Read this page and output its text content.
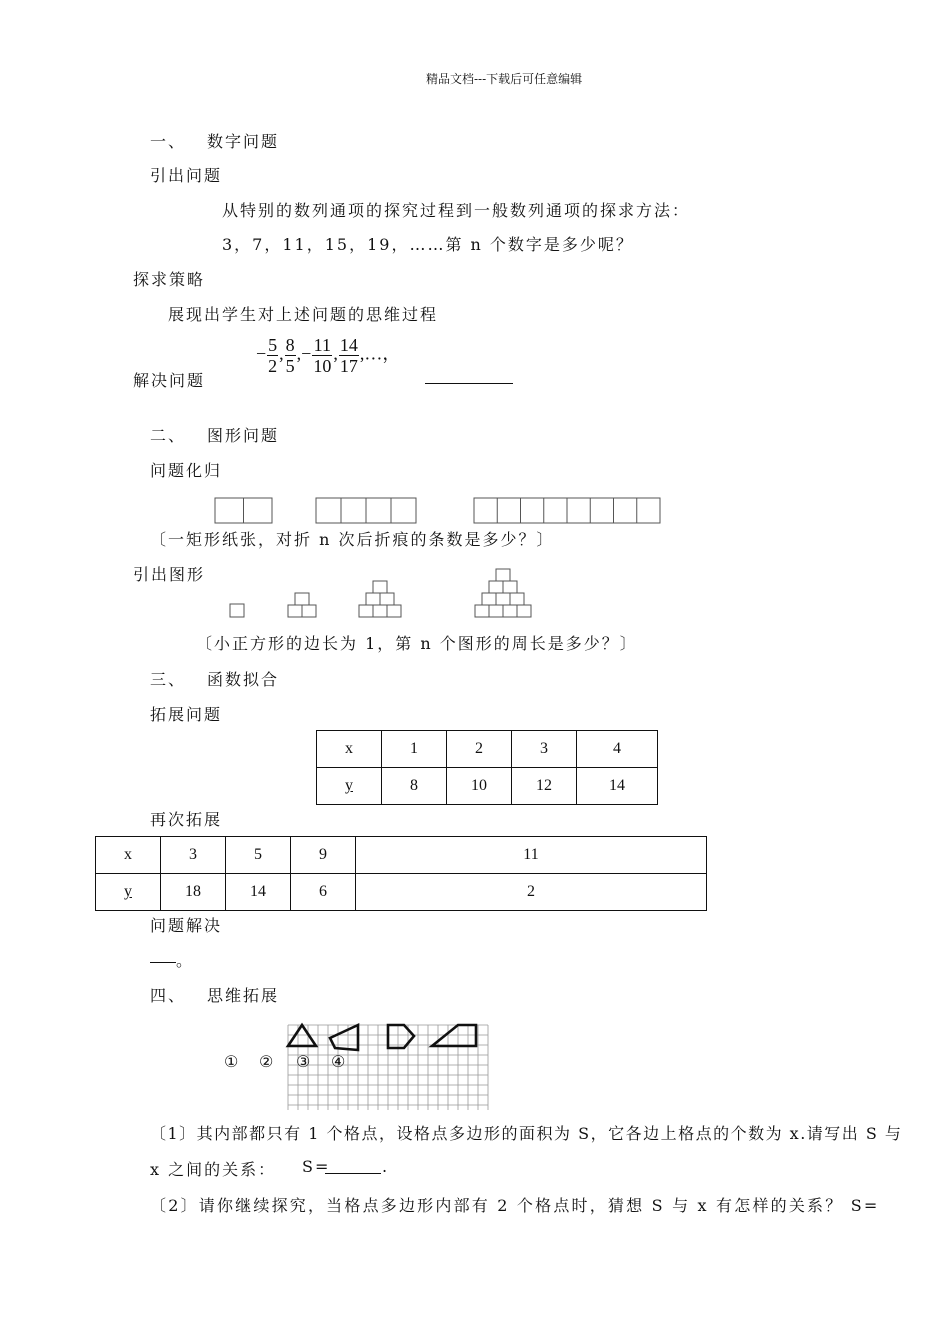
精品文档---下载后可任意编辑
一、 数字问题
引出问题
从特别的数列通项的探究过程到一般数列通项的探求方法：
3，7，11，15，19，……第 n 个数字是多少呢？
探求策略
展现出学生对上述问题的思维过程
解决问题
− $\frac{5}{2}$ , $\frac{8}{5}$ ,− $\frac{11}{10}$ , $\frac{14}{17}$ ,…，
二、 图形问题
问题化归
〔一矩形纸张，对折 n 次后折痕的条数是多少？〕
引出图形
〔小正方形的边长为 1，第 n 个图形的周长是多少？〕
三、 函数拟合
拓展问题
x	1	2	3	4
y	8	10	12	14
再次拓展
x	3	5	9	11
y	18	14	6	2
问题解决
。
四、 思维拓展
① ② ③ ④
〔1〕其内部都只有 1 个格点，设格点多边形的面积为 S，它各边上格点的个数为 x.请写出 S 与
x 之间的关系： S=	.
〔2〕请你继续探究，当格点多边形内部有 2 个格点时，猜想 S 与 x 有怎样的关系？ S=
